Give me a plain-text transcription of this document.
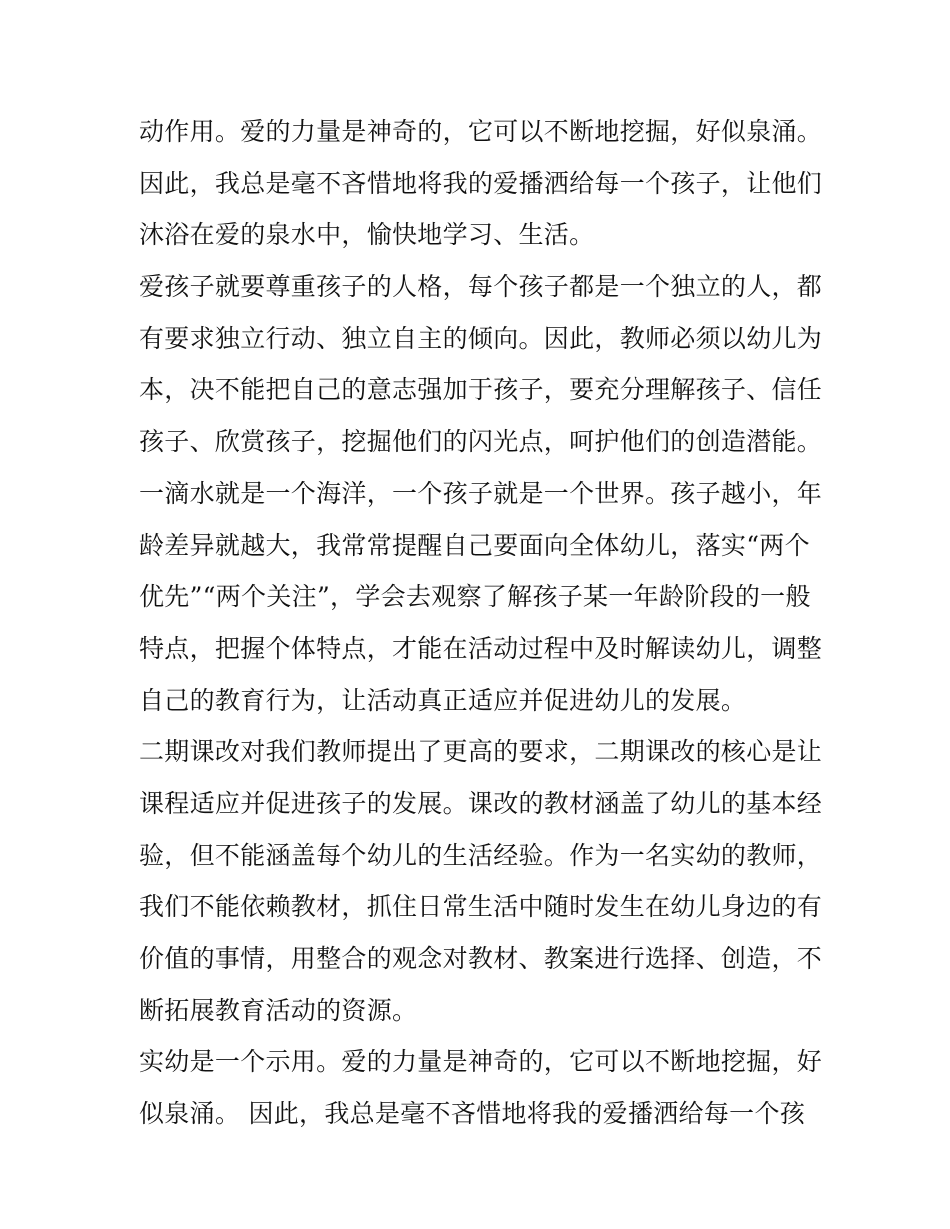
动作用。爱的力量是神奇的，它可以不断地挖掘，好似泉涌。
因此，我总是毫不吝惜地将我的爱播洒给每一个孩子，让他们
沐浴在爱的泉水中，愉快地学习、生活。
爱孩子就要尊重孩子的人格，每个孩子都是一个独立的人，都
有要求独立行动、独立自主的倾向。因此，教师必须以幼儿为
本，决不能把自己的意志强加于孩子，要充分理解孩子、信任
孩子、欣赏孩子，挖掘他们的闪光点，呵护他们的创造潜能。
一滴水就是一个海洋，一个孩子就是一个世界。孩子越小，年
龄差异就越大，我常常提醒自己要面向全体幼儿，落实“两个
优先”“两个关注”，学会去观察了解孩子某一年龄阶段的一般
特点，把握个体特点，才能在活动过程中及时解读幼儿，调整
自己的教育行为，让活动真正适应并促进幼儿的发展。
二期课改对我们教师提出了更高的要求，二期课改的核心是让
课程适应并促进孩子的发展。课改的教材涵盖了幼儿的基本经
验，但不能涵盖每个幼儿的生活经验。作为一名实幼的教师，
我们不能依赖教材，抓住日常生活中随时发生在幼儿身边的有
价值的事情，用整合的观念对教材、教案进行选择、创造，不
断拓展教育活动的资源。
实幼是一个示用。爱的力量是神奇的，它可以不断地挖掘，好
似泉涌。 因此，我总是毫不吝惜地将我的爱播洒给每一个孩
